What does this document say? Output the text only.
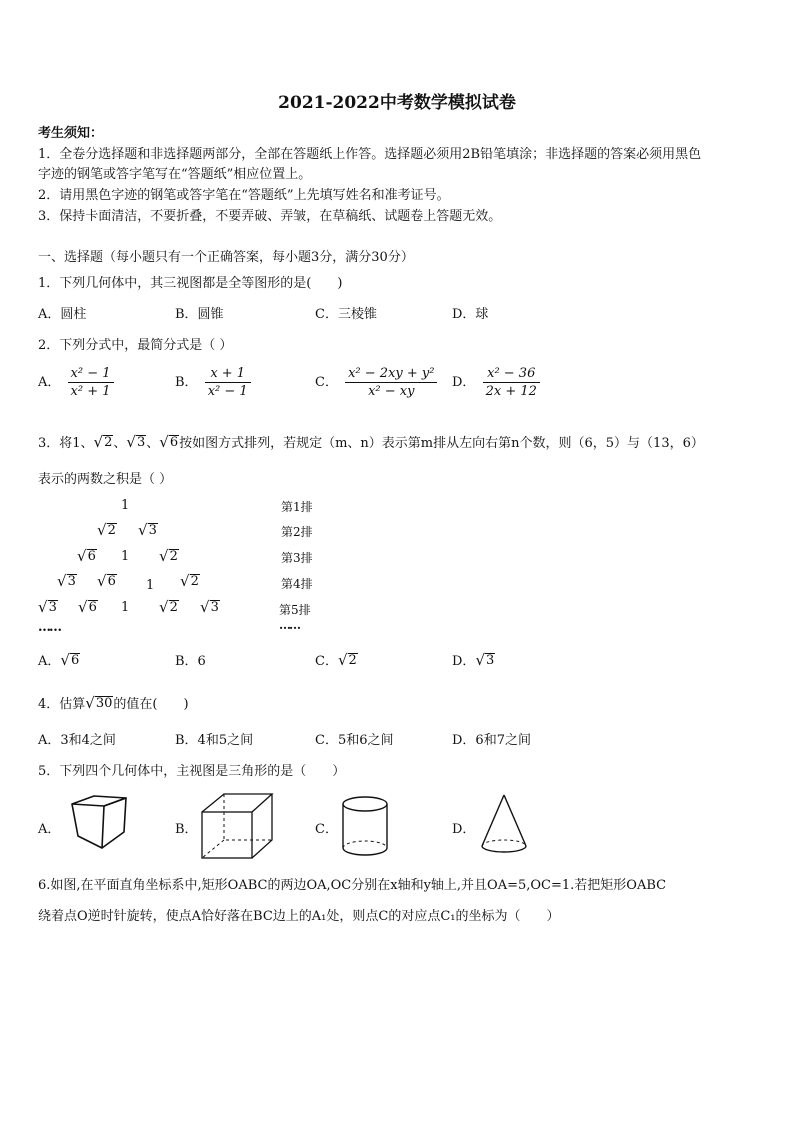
2021-2022中考数学模拟试卷
考生须知：
1．全卷分选择题和非选择题两部分，全部在答题纸上作答。选择题必须用2B铅笔填涂；非选择题的答案必须用黑色
字迹的钢笔或答字笔写在“答题纸”相应位置上。
2．请用黑色字迹的钢笔或答字笔在“答题纸”上先填写姓名和准考证号。
3．保持卡面清洁，不要折叠，不要弄破、弄皱，在草稿纸、试题卷上答题无效。
一、选择题（每小题只有一个正确答案，每小题3分，满分30分）
1．下列几何体中，其三视图都是全等图形的是(　　)
A．圆柱	B．圆锥	C．三棱锥	D．球
2．下列分式中，最简分式是（ ）
A． $\frac{\text{x² − 1}}{\text{x² + 1}}$	B． $\frac{x + 1}{\text{x² − 1}}$	C． $\frac{\text{x² − 2xy + y²}}{\text{x² − xy}}$ D． $\frac{\text{x² − 36}}{2x + 12}$
3．将1、 √ 2 、 √ 3 、 √ 6 按如图方式排列，若规定（m、n）表示第m排从左向右第n个数，则（6，5）与（13，6）
表示的两数之积是（ ）
1
√ 2 √ 3
√ 6 1 √ 2
√ 3 √ 6 1 √ 2
√ 3 √ 6 1 √ 2 √ 3
……
第1排
第2排
第3排
第4排
第5排
……
A． √ 6	B．6	C． √ 2	D． √ 3
4．估算 √ 30 的值在(　　)
A．3和4之间	B．4和5之间	C．5和6之间	D．6和7之间
5．下列四个几何体中，主视图是三角形的是（　　）
A．	B．	C．	D．
6.如图,在平面直角坐标系中,矩形OABC的两边OA,OC分别在x轴和y轴上,并且OA=5,OC=1.若把矩形OABC
绕着点O逆时针旋转，使点A恰好落在BC边上的A₁处，则点C的对应点C₁的坐标为（　　）
